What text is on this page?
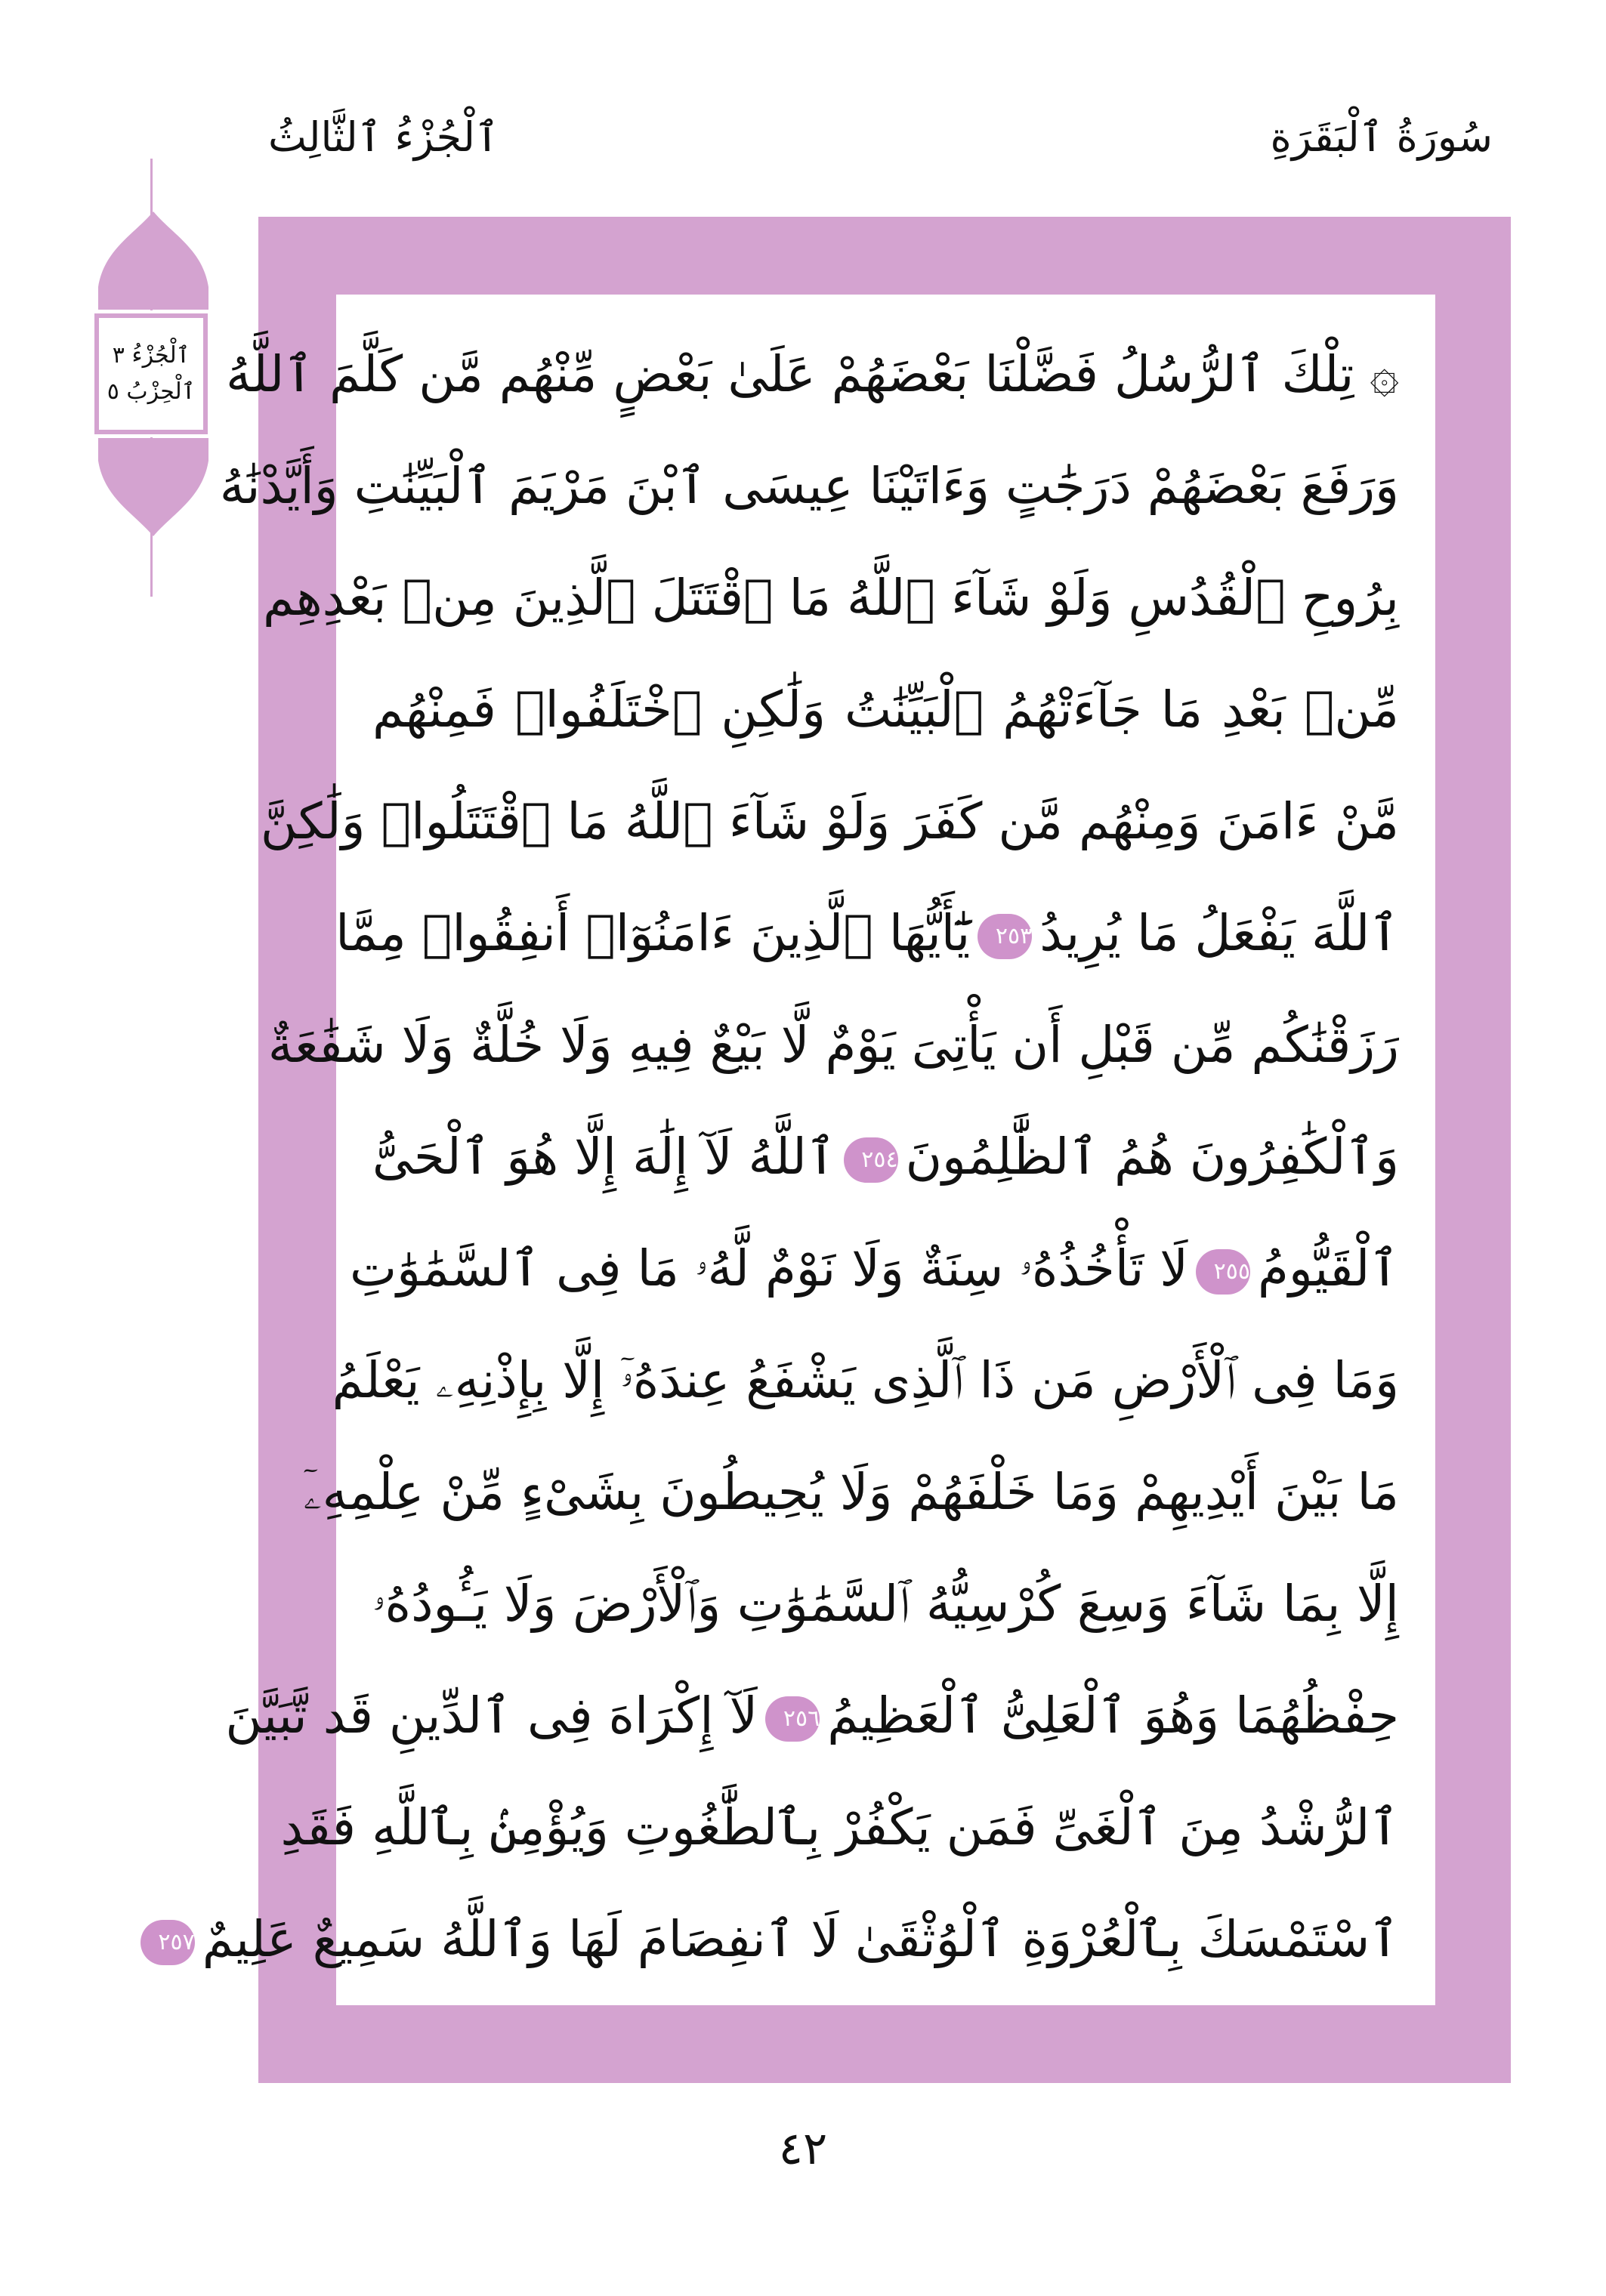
سُورَةُ ٱلْبَقَرَةِ
ٱلْجُزْءُ ٱلثَّالِثُ
ٱلْجُزْءُ ٣
ٱلْحِزْبُ ٥ ۞ تِلْكَ ٱلرُّسُلُ فَضَّلْنَا بَعْضَهُمْ عَلَىٰ بَعْضٍ مِّنْهُم مَّن كَلَّمَ ٱللَّهُ
وَرَفَعَ بَعْضَهُمْ دَرَجَٰتٍ وَءَاتَيْنَا عِيسَى ٱبْنَ مَرْيَمَ ٱلْبَيِّنَٰتِ وَأَيَّدْنَٰهُ
بِرُوحِ ٱلْقُدُسِ وَلَوْ شَآءَ ٱللَّهُ مَا ٱقْتَتَلَ ٱلَّذِينَ مِنۢ بَعْدِهِم
مِّنۢ بَعْدِ مَا جَآءَتْهُمُ ٱلْبَيِّنَٰتُ وَلَٰكِنِ ٱخْتَلَفُوا۟ فَمِنْهُم
مَّنْ ءَامَنَ وَمِنْهُم مَّن كَفَرَ وَلَوْ شَآءَ ٱللَّهُ مَا ٱقْتَتَلُوا۟ وَلَٰكِنَّ
ٱللَّهَ يَفْعَلُ مَا يُرِيدُ٢٥٣يَٰٓأَيُّهَا ٱلَّذِينَ ءَامَنُوٓا۟ أَنفِقُوا۟ مِمَّا
رَزَقْنَٰكُم مِّن قَبْلِ أَن يَأْتِىَ يَوْمٌ لَّا بَيْعٌ فِيهِ وَلَا خُلَّةٌ وَلَا شَفَٰعَةٌ
وَٱلْكَٰفِرُونَ هُمُ ٱلظَّٰلِمُونَ٢٥٤ٱللَّهُ لَآ إِلَٰهَ إِلَّا هُوَ ٱلْحَىُّ
ٱلْقَيُّومُ٢٥٥لَا تَأْخُذُهُۥ سِنَةٌ وَلَا نَوْمٌ لَّهُۥ مَا فِى ٱلسَّمَٰوَٰتِ
وَمَا فِى ٱلْأَرْضِ مَن ذَا ٱلَّذِى يَشْفَعُ عِندَهُۥٓ إِلَّا بِإِذْنِهِۦ يَعْلَمُ
مَا بَيْنَ أَيْدِيهِمْ وَمَا خَلْفَهُمْ وَلَا يُحِيطُونَ بِشَىْءٍ مِّنْ عِلْمِهِۦٓ
إِلَّا بِمَا شَآءَ وَسِعَ كُرْسِيُّهُ ٱلسَّمَٰوَٰتِ وَٱلْأَرْضَ وَلَا يَـُٔودُهُۥ
حِفْظُهُمَا وَهُوَ ٱلْعَلِىُّ ٱلْعَظِيمُ٢٥٦لَآ إِكْرَاهَ فِى ٱلدِّينِ قَد تَّبَيَّنَ
ٱلرُّشْدُ مِنَ ٱلْغَىِّ فَمَن يَكْفُرْ بِٱلطَّٰغُوتِ وَيُؤْمِنۢ بِٱللَّهِ فَقَدِ
ٱسْتَمْسَكَ بِٱلْعُرْوَةِ ٱلْوُثْقَىٰ لَا ٱنفِصَامَ لَهَا وَٱللَّهُ سَمِيعٌ عَلِيمٌ٢٥٧
٤٢
